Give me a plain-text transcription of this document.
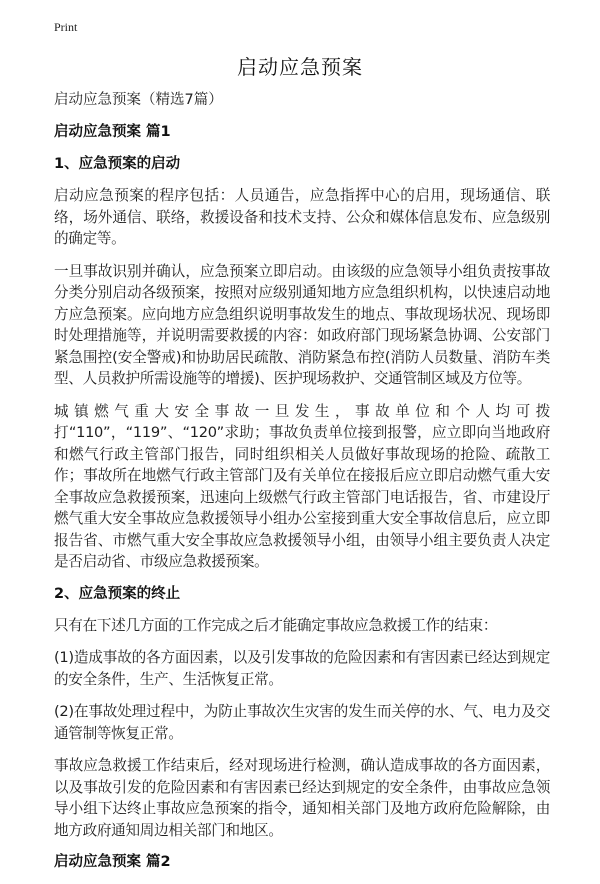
Print
启动应急预案

启动应急预案（精选7篇）

启动应急预案 篇1

1、应急预案的启动

启动应急预案的程序包括：人员通告，应急指挥中心的启用，现场通信、联络，场外通信、联络，救援设备和技术支持、公众和媒体信息发布、应急级别的确定等。

一旦事故识别并确认，应急预案立即启动。由该级的应急领导小组负责按事故分类分别启动各级预案，按照对应级别通知地方应急组织机构，以快速启动地方应急预案。应向地方应急组织说明事故发生的地点、事故现场状况、现场即时处理措施等，并说明需要救援的内容：如政府部门现场紧急协调、公安部门紧急围控(安全警戒)和协助居民疏散、消防紧急布控(消防人员数量、消防车类型、人员救护所需设施等的增援)、医护现场救护、交通管制区域及方位等。

城镇燃气重大安全事故一旦发生，事故单位和个人均可拨打“110”，“119”、“120”求助；事故负责单位接到报警，应立即向当地政府和燃气行政主管部门报告，同时组织相关人员做好事故现场的抢险、疏散工作；事故所在地燃气行政主管部门及有关单位在接报后应立即启动燃气重大安全事故应急救援预案，迅速向上级燃气行政主管部门电话报告，省、市建设厅燃气重大安全事故应急救援领导小组办公室接到重大安全事故信息后，应立即报告省、市燃气重大安全事故应急救援领导小组，由领导小组主要负责人决定是否启动省、市级应急救援预案。

2、应急预案的终止

只有在下述几方面的工作完成之后才能确定事故应急救援工作的结束：

(1)造成事故的各方面因素，以及引发事故的危险因素和有害因素已经达到规定的安全条件，生产、生活恢复正常。

(2)在事故处理过程中，为防止事故次生灾害的发生而关停的水、气、电力及交通管制等恢复正常。

事故应急救援工作结束后，经对现场进行检测，确认造成事故的各方面因素，以及事故引发的危险因素和有害因素已经达到规定的安全条件，由事故应急领导小组下达终止事故应急预案的指令，通知相关部门及地方政府危险解除，由地方政府通知周边相关部门和地区。

启动应急预案 篇2
